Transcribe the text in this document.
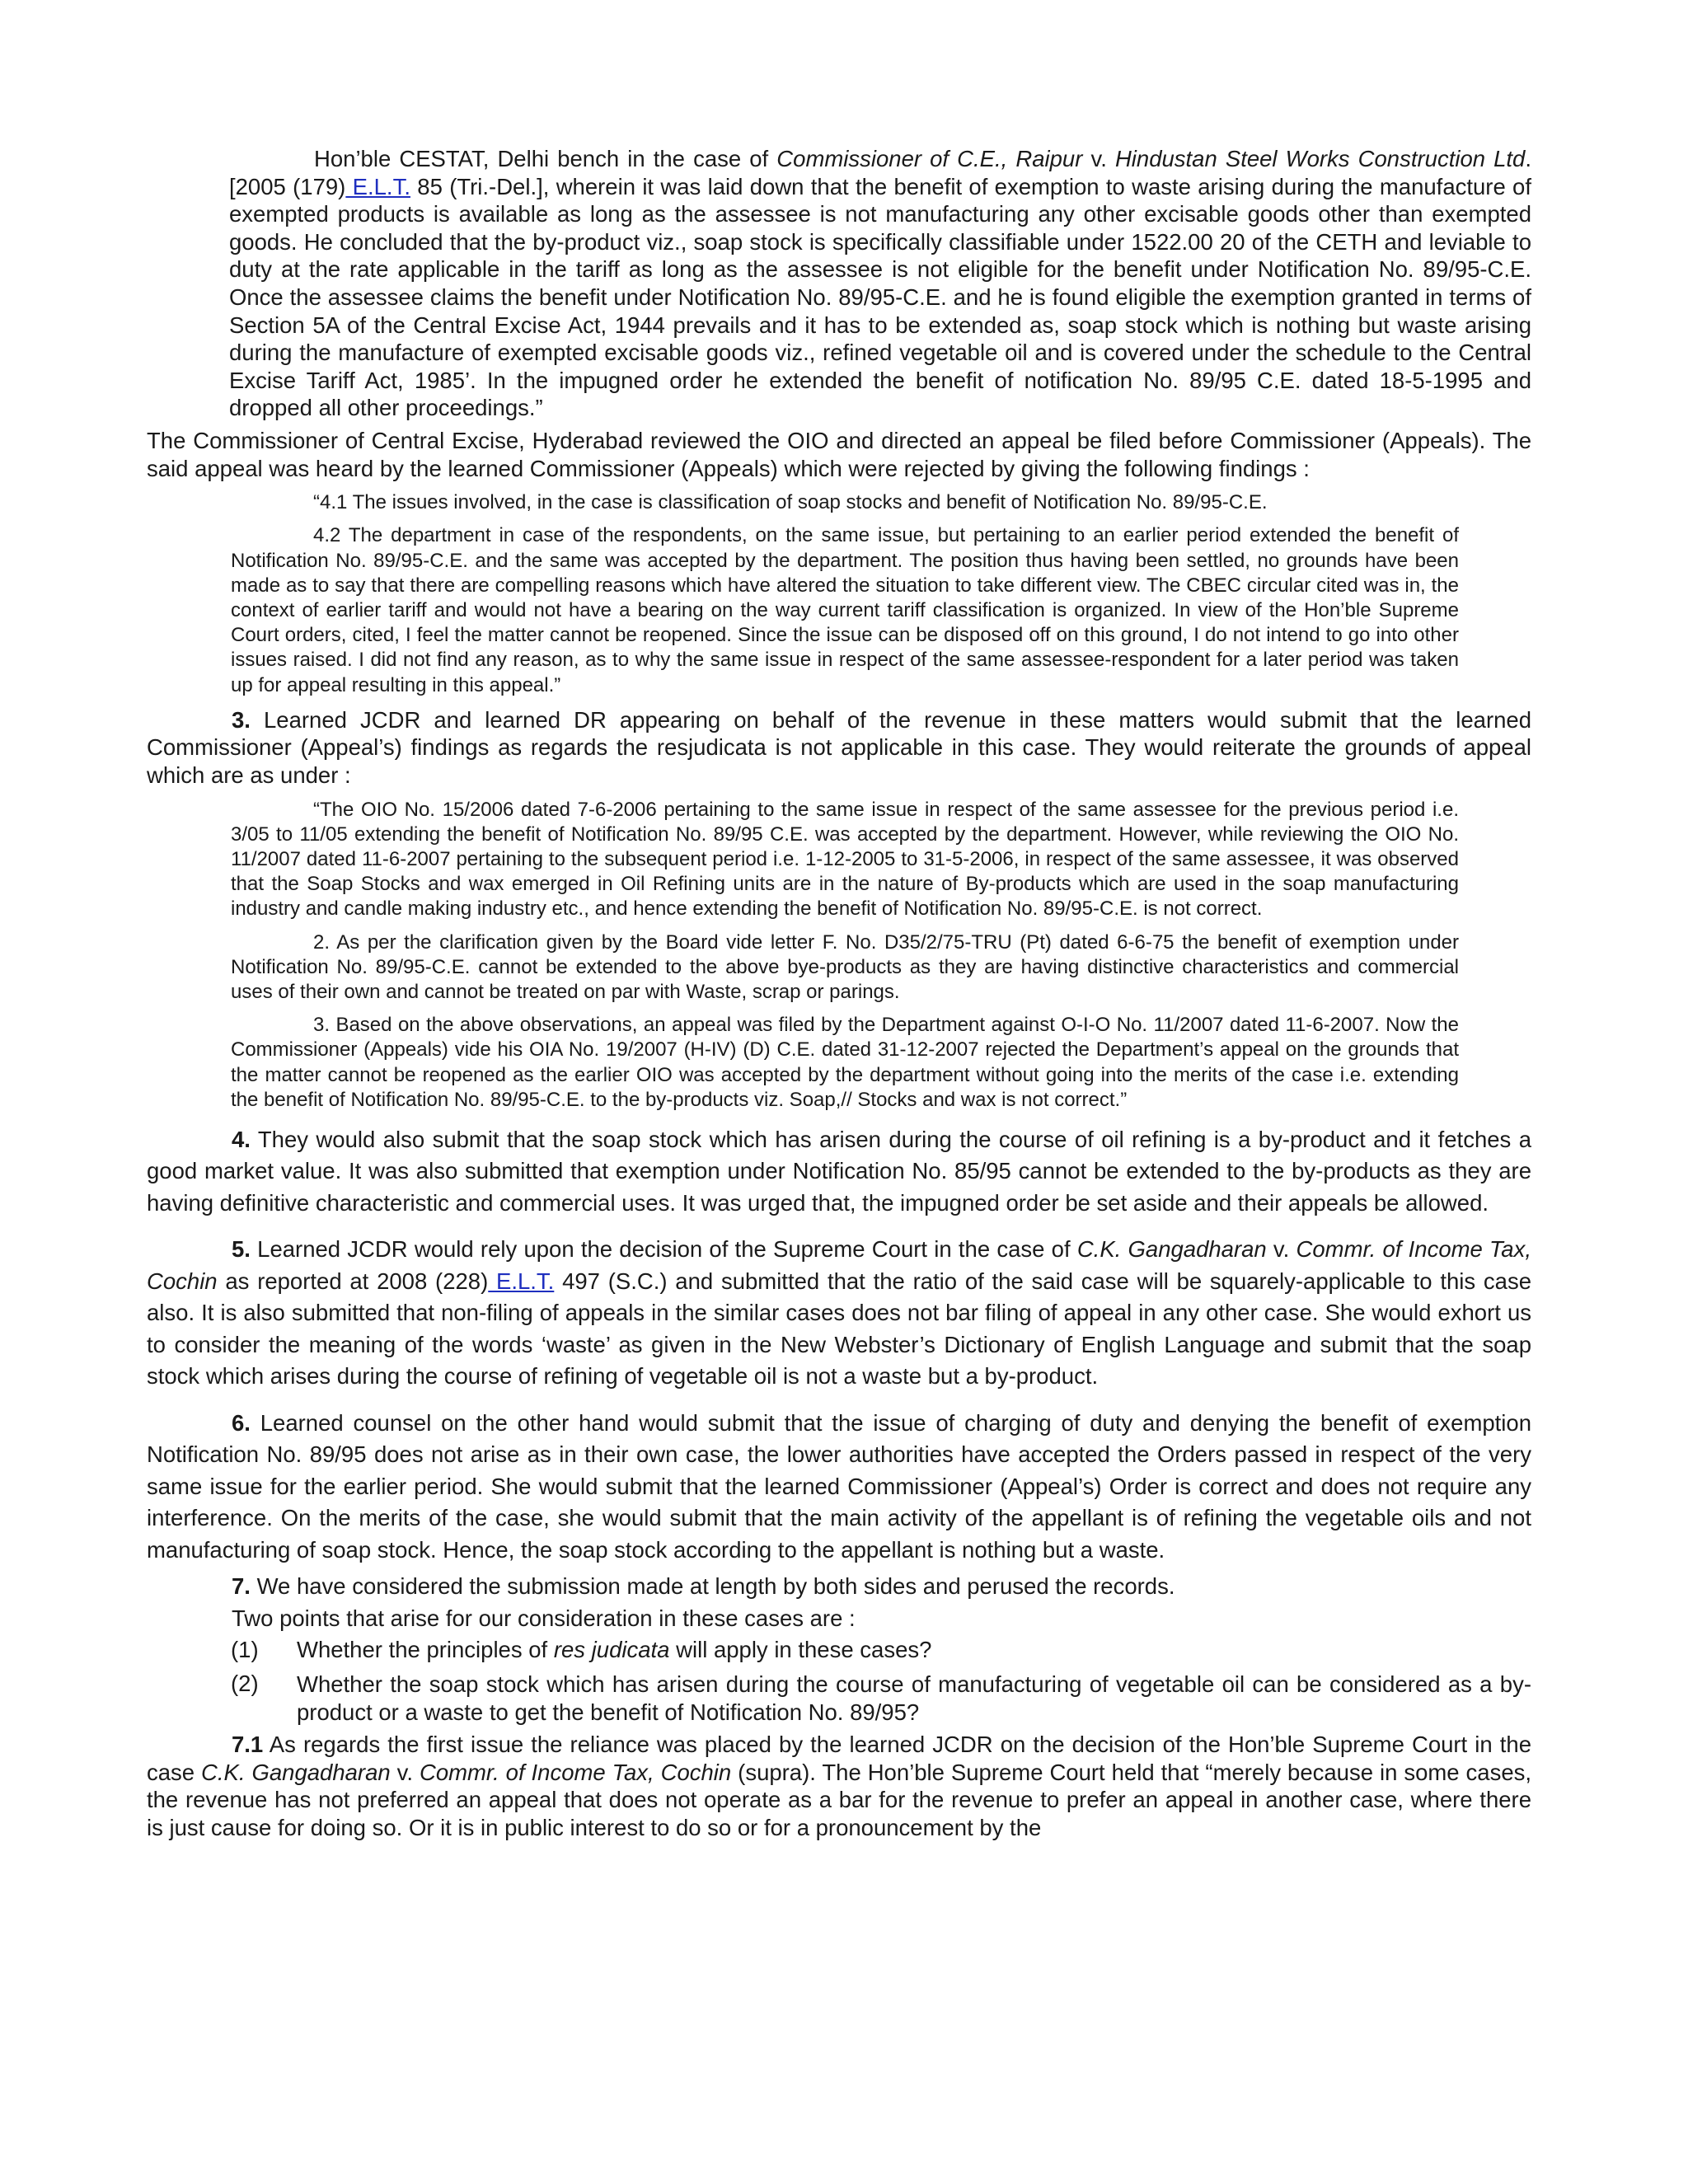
Hon’ble CESTAT, Delhi bench in the case of Commissioner of C.E., Raipur v. Hindustan Steel Works Construction Ltd. [2005 (179) E.L.T. 85 (Tri.-Del.], wherein it was laid down that the benefit of exemption to waste arising during the manufacture of exempted products is available as long as the assessee is not manufacturing any other excisable goods other than exempted goods. He concluded that the by-product viz., soap stock is specifically classifiable under 1522.00 20 of the CETH and leviable to duty at the rate applicable in the tariff as long as the assessee is not eligible for the benefit under Notification No. 89/95-C.E. Once the assessee claims the benefit under Notification No. 89/95-C.E. and he is found eligible the exemption granted in terms of Section 5A of the Central Excise Act, 1944 prevails and it has to be extended as, soap stock which is nothing but waste arising during the manufacture of exempted excisable goods viz., refined vegetable oil and is covered under the schedule to the Central Excise Tariff Act, 1985’. In the impugned order he extended the benefit of notification No. 89/95 C.E. dated 18-5-1995 and dropped all other proceedings.”

The Commissioner of Central Excise, Hyderabad reviewed the OIO and directed an appeal be filed before Commissioner (Appeals). The said appeal was heard by the learned Commissioner (Appeals) which were rejected by giving the following findings :

“4.1 The issues involved, in the case is classification of soap stocks and benefit of Notification No. 89/95-C.E.

4.2 The department in case of the respondents, on the same issue, but pertaining to an earlier period extended the benefit of Notification No. 89/95-C.E. and the same was accepted by the department. The position thus having been settled, no grounds have been made as to say that there are compelling reasons which have altered the situation to take different view. The CBEC circular cited was in, the context of earlier tariff and would not have a bearing on the way current tariff classification is organized. In view of the Hon’ble Supreme Court orders, cited, I feel the matter cannot be reopened. Since the issue can be disposed off on this ground, I do not intend to go into other issues raised. I did not find any reason, as to why the same issue in respect of the same assessee-respondent for a later period was taken up for appeal resulting in this appeal.”

3. Learned JCDR and learned DR appearing on behalf of the revenue in these matters would submit that the learned Commissioner (Appeal’s) findings as regards the resjudicata is not applicable in this case. They would reiterate the grounds of appeal which are as under :

“The OIO No. 15/2006 dated 7-6-2006 pertaining to the same issue in respect of the same assessee for the previous period i.e. 3/05 to 11/05 extending the benefit of Notification No. 89/95 C.E. was accepted by the department. However, while reviewing the OIO No. 11/2007 dated 11-6-2007 pertaining to the subsequent period i.e. 1-12-2005 to 31-5-2006, in respect of the same assessee, it was observed that the Soap Stocks and wax emerged in Oil Refining units are in the nature of By-products which are used in the soap manufacturing industry and candle making industry etc., and hence extending the benefit of Notification No. 89/95-C.E. is not correct.

2. As per the clarification given by the Board vide letter F. No. D35/2/75-TRU (Pt) dated 6-6-75 the benefit of exemption under Notification No. 89/95-C.E. cannot be extended to the above bye-products as they are having distinctive characteristics and commercial uses of their own and cannot be treated on par with Waste, scrap or parings.

3. Based on the above observations, an appeal was filed by the Department against O-I-O No. 11/2007 dated 11-6-2007. Now the Commissioner (Appeals) vide his OIA No. 19/2007 (H-IV) (D) C.E. dated 31-12-2007 rejected the Department’s appeal on the grounds that the matter cannot be reopened as the earlier OIO was accepted by the department without going into the merits of the case i.e. extending the benefit of Notification No. 89/95-C.E. to the by-products viz. Soap,// Stocks and wax is not correct.”

4. They would also submit that the soap stock which has arisen during the course of oil refining is a by-product and it fetches a good market value. It was also submitted that exemption under Notification No. 85/95 cannot be extended to the by-products as they are having definitive characteristic and commercial uses. It was urged that, the impugned order be set aside and their appeals be allowed.

5. Learned JCDR would rely upon the decision of the Supreme Court in the case of C.K. Gangadharan v. Commr. of Income Tax, Cochin as reported at 2008 (228) E.L.T. 497 (S.C.) and submitted that the ratio of the said case will be squarely-applicable to this case also. It is also submitted that non-filing of appeals in the similar cases does not bar filing of appeal in any other case. She would exhort us to consider the meaning of the words ‘waste’ as given in the New Webster’s Dictionary of English Language and submit that the soap stock which arises during the course of refining of vegetable oil is not a waste but a by-product.

6. Learned counsel on the other hand would submit that the issue of charging of duty and denying the benefit of exemption Notification No. 89/95 does not arise as in their own case, the lower authorities have accepted the Orders passed in respect of the very same issue for the earlier period. She would submit that the learned Commissioner (Appeal’s) Order is correct and does not require any interference. On the merits of the case, she would submit that the main activity of the appellant is of refining the vegetable oils and not manufacturing of soap stock. Hence, the soap stock according to the appellant is nothing but a waste.

7. We have considered the submission made at length by both sides and perused the records.

Two points that arise for our consideration in these cases are :

(1)	Whether the principles of res judicata will apply in these cases?

(2)	Whether the soap stock which has arisen during the course of manufacturing of vegetable oil can be considered as a by-product or a waste to get the benefit of Notification No. 89/95?

7.1 As regards the first issue the reliance was placed by the learned JCDR on the decision of the Hon’ble Supreme Court in the case C.K. Gangadharan v. Commr. of Income Tax, Cochin (supra). The Hon’ble Supreme Court held that “merely because in some cases, the revenue has not preferred an appeal that does not operate as a bar for the revenue to prefer an appeal in another case, where there is just cause for doing so. Or it is in public interest to do so or for a pronouncement by the
